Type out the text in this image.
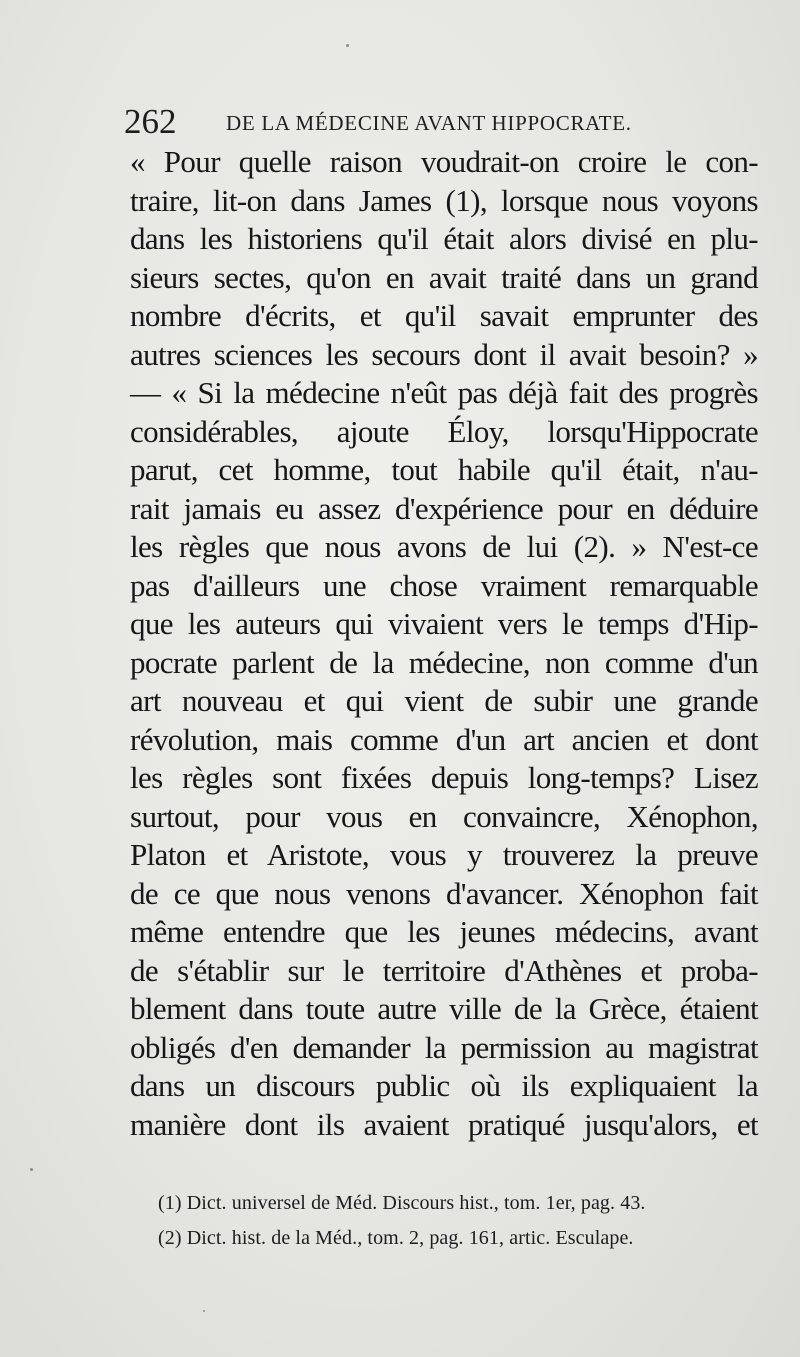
262 DE LA MÉDECINE AVANT HIPPOCRATE.
« Pour quelle raison voudrait-on croire le con-
traire, lit-on dans James (1), lorsque nous voyons
dans les historiens qu'il était alors divisé en plu-
sieurs sectes, qu'on en avait traité dans un grand
nombre d'écrits, et qu'il savait emprunter des
autres sciences les secours dont il avait besoin? »
— « Si la médecine n'eût pas déjà fait des progrès
considérables, ajoute Éloy, lorsqu'Hippocrate
parut, cet homme, tout habile qu'il était, n'au-
rait jamais eu assez d'expérience pour en déduire
les règles que nous avons de lui (2). » N'est-ce
pas d'ailleurs une chose vraiment remarquable
que les auteurs qui vivaient vers le temps d'Hip-
pocrate parlent de la médecine, non comme d'un
art nouveau et qui vient de subir une grande
révolution, mais comme d'un art ancien et dont
les règles sont fixées depuis long-temps? Lisez
surtout, pour vous en convaincre, Xénophon,
Platon et Aristote, vous y trouverez la preuve
de ce que nous venons d'avancer. Xénophon fait
même entendre que les jeunes médecins, avant
de s'établir sur le territoire d'Athènes et proba-
blement dans toute autre ville de la Grèce, étaient
obligés d'en demander la permission au magistrat
dans un discours public où ils expliquaient la
manière dont ils avaient pratiqué jusqu'alors, et
(1) Dict. universel de Méd. Discours hist., tom. 1er, pag. 43.
(2) Dict. hist. de la Méd., tom. 2, pag. 161, artic. Esculape.
